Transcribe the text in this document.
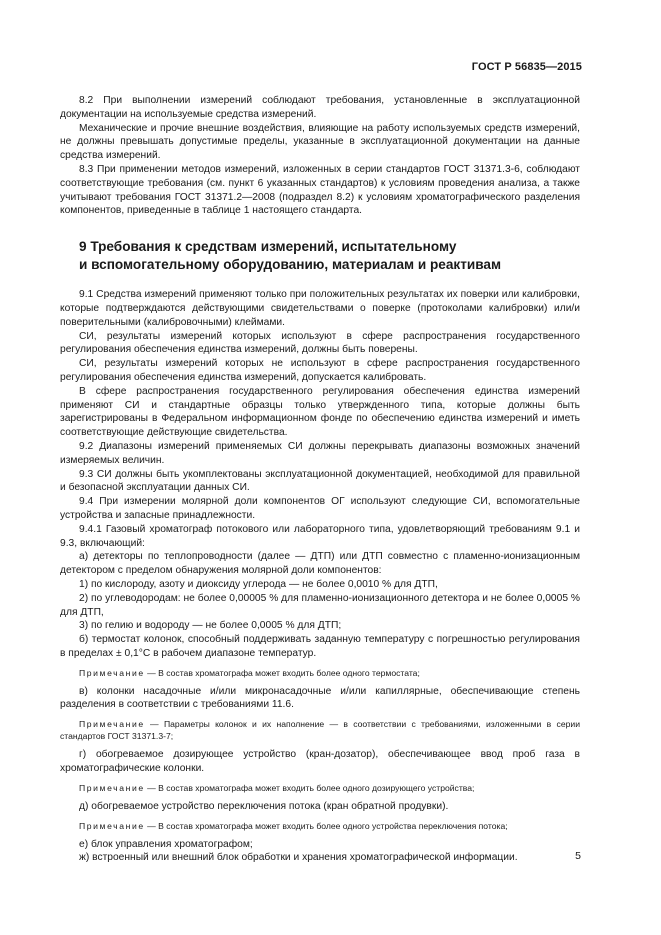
ГОСТ Р 56835—2015

8.2 При выполнении измерений соблюдают требования, установленные в эксплуатационной документации на используемые средства измерений.

Механические и прочие внешние воздействия, влияющие на работу используемых средств измерений, не должны превышать допустимые пределы, указанные в эксплуатационной документации на данные средства измерений.

8.3 При применении методов измерений, изложенных в серии стандартов ГОСТ 31371.3-6, соблюдают соответствующие требования (см. пункт 6 указанных стандартов) к условиям проведения анализа, а также учитывают требования ГОСТ 31371.2—2008 (подраздел 8.2) к условиям хроматографического разделения компонентов, приведенные в таблице 1 настоящего стандарта.

9 Требования к средствам измерений, испытательному
и вспомогательному оборудованию, материалам и реактивам

9.1 Средства измерений применяют только при положительных результатах их поверки или калибровки, которые подтверждаются действующими свидетельствами о поверке (протоколами калибровки) или/и поверительными (калибровочными) клеймами.

СИ, результаты измерений которых используют в сфере распространения государственного регулирования обеспечения единства измерений, должны быть поверены.

СИ, результаты измерений которых не используют в сфере распространения государственного регулирования обеспечения единства измерений, допускается калибровать.

В сфере распространения государственного регулирования обеспечения единства измерений применяют СИ и стандартные образцы только утвержденного типа, которые должны быть зарегистрированы в Федеральном информационном фонде по обеспечению единства измерений и иметь соответствующие действующие свидетельства.

9.2 Диапазоны измерений применяемых СИ должны перекрывать диапазоны возможных значений измеряемых величин.

9.3 СИ должны быть укомплектованы эксплуатационной документацией, необходимой для правильной и безопасной эксплуатации данных СИ.

9.4 При измерении молярной доли компонентов ОГ используют следующие СИ, вспомогательные устройства и запасные принадлежности.

9.4.1 Газовый хроматограф потокового или лабораторного типа, удовлетворяющий требованиям 9.1 и 9.3, включающий:

а) детекторы по теплопроводности (далее — ДТП) или ДТП совместно с пламенно-ионизационным детектором с пределом обнаружения молярной доли компонентов:

1) по кислороду, азоту и диоксиду углерода — не более 0,0010 % для ДТП,

2) по углеводородам: не более 0,00005 % для пламенно-ионизационного детектора и не более 0,0005 % для ДТП,

3) по гелию и водороду — не более 0,0005 % для ДТП;

б) термостат колонок, способный поддерживать заданную температуру с погрешностью регулирования в пределах ± 0,1°С в рабочем диапазоне температур.

Примечание — В состав хроматографа может входить более одного термостата;

в) колонки насадочные и/или микронасадочные и/или капиллярные, обеспечивающие степень разделения в соответствии с требованиями 11.6.

Примечание — Параметры колонок и их наполнение — в соответствии с требованиями, изложенными в серии стандартов ГОСТ 31371.3-7;

г) обогреваемое дозирующее устройство (кран-дозатор), обеспечивающее ввод проб газа в хроматографические колонки.

Примечание — В состав хроматографа может входить более одного дозирующего устройства;

д) обогреваемое устройство переключения потока (кран обратной продувки).

Примечание — В состав хроматографа может входить более одного устройства переключения потока;

е) блок управления хроматографом;

ж) встроенный или внешний блок обработки и хранения хроматографической информации.	5
